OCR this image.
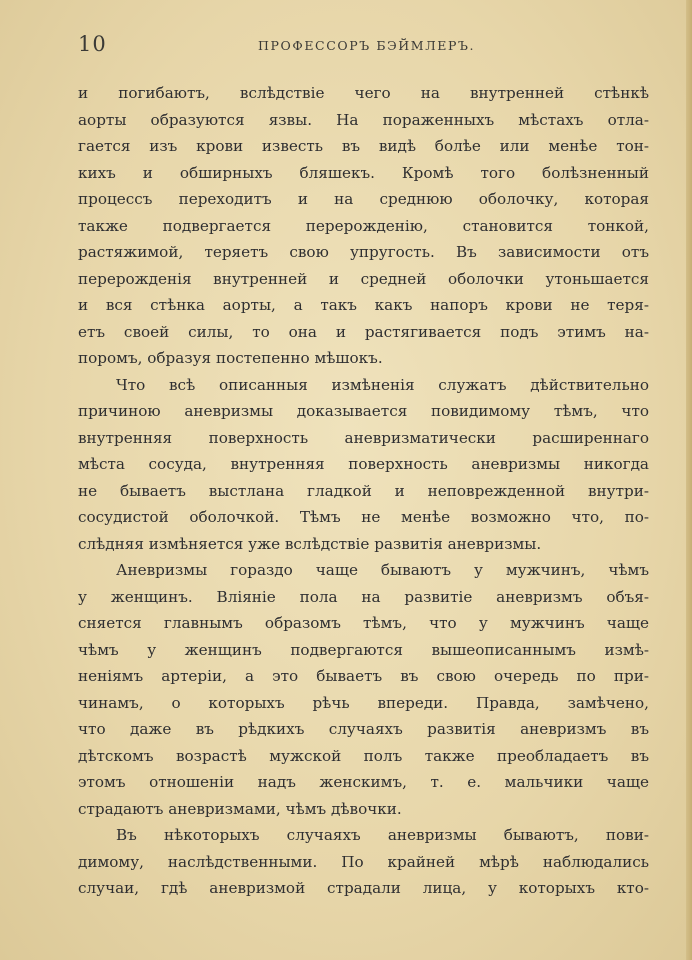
10	ПРОФЕССОРЪ БЭЙМЛЕРЪ.
и погибаютъ, вслѣдствіе чего на внутренней стѣнкѣ
аорты образуются язвы. На пораженныхъ мѣстахъ отла-
гается изъ крови известь въ видѣ болѣе или менѣе тон-
кихъ и обширныхъ бляшекъ. Кромѣ того болѣзненный
процессъ переходитъ и на среднюю оболочку, которая
также подвергается перерожденію, становится тонкой,
растяжимой, теряетъ свою упругость. Въ зависимости отъ
перерожденія внутренней и средней оболочки утоньшается
и вся стѣнка аорты, а такъ какъ напоръ крови не теря-
етъ своей силы, то она и растягивается подъ этимъ на-
поромъ, образуя постепенно мѣшокъ.
Что всѣ описанныя измѣненія служатъ дѣйствительно
причиною аневризмы доказывается повидимому тѣмъ, что
внутренняя поверхность аневризматически расширеннаго
мѣста сосуда, внутренняя поверхность аневризмы никогда
не бываетъ выстлана гладкой и неповрежденной внутри-
сосудистой оболочкой. Тѣмъ не менѣе возможно что, по-
слѣдняя измѣняется уже вслѣдствіе развитія аневризмы.
Аневризмы гораздо чаще бываютъ у мужчинъ, чѣмъ
у женщинъ. Вліяніе пола на развитіе аневризмъ объя-
сняется главнымъ образомъ тѣмъ, что у мужчинъ чаще
чѣмъ у женщинъ подвергаются вышеописаннымъ измѣ-
неніямъ артеріи, а это бываетъ въ свою очередь по при-
чинамъ, о которыхъ рѣчь впереди. Правда, замѣчено,
что даже въ рѣдкихъ случаяхъ развитія аневризмъ въ
дѣтскомъ возрастѣ мужской полъ также преобладаетъ въ
этомъ отношеніи надъ женскимъ, т. е. мальчики чаще
страдаютъ аневризмами, чѣмъ дѣвочки.
Въ нѣкоторыхъ случаяхъ аневризмы бываютъ, пови-
димому, наслѣдственными. По крайней мѣрѣ наблюдались
случаи, гдѣ аневризмой страдали лица, у которыхъ кто-
